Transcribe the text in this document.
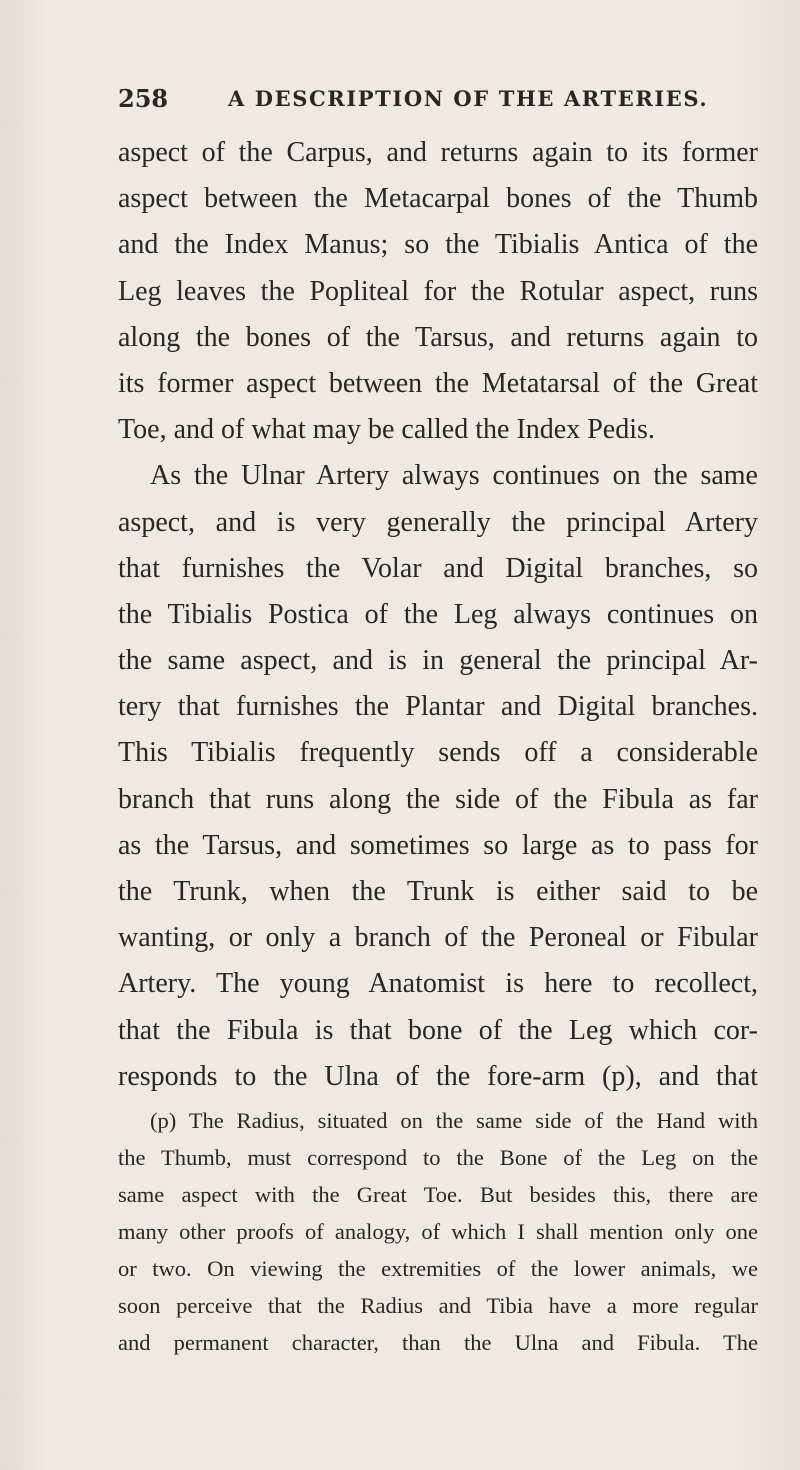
258	A DESCRIPTION OF THE ARTERIES.
aspect of the Carpus, and returns again to its former
aspect between the Metacarpal bones of the Thumb
and the Index Manus; so the Tibialis Antica of the
Leg leaves the Popliteal for the Rotular aspect, runs
along the bones of the Tarsus, and returns again to
its former aspect between the Metatarsal of the Great
Toe, and of what may be called the Index Pedis.
As the Ulnar Artery always continues on the same
aspect, and is very generally the principal Artery
that furnishes the Volar and Digital branches, so
the Tibialis Postica of the Leg always continues on
the same aspect, and is in general the principal Ar-
tery that furnishes the Plantar and Digital branches.
This Tibialis frequently sends off a considerable
branch that runs along the side of the Fibula as far
as the Tarsus, and sometimes so large as to pass for
the Trunk, when the Trunk is either said to be
wanting, or only a branch of the Peroneal or Fibular
Artery. The young Anatomist is here to recollect,
that the Fibula is that bone of the Leg which cor-
responds to the Ulna of the fore-arm (p), and that
(p) The Radius, situated on the same side of the Hand with
the Thumb, must correspond to the Bone of the Leg on the
same aspect with the Great Toe. But besides this, there are
many other proofs of analogy, of which I shall mention only one
or two. On viewing the extremities of the lower animals, we
soon perceive that the Radius and Tibia have a more regular
and permanent character, than the Ulna and Fibula. The
